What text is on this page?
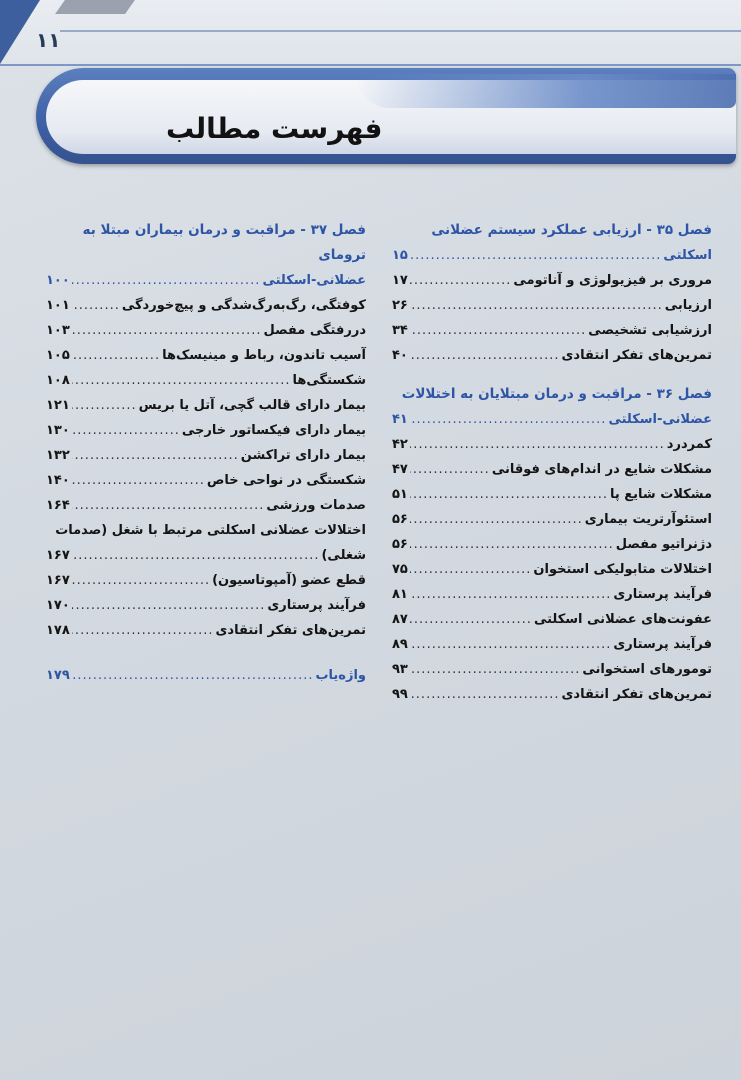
۱۱
فهرست مطالب
فصل ۳۵ - ارزیابی عملکرد سیستم عضلانی
اسکلتی
.....
۱۵
مروری بر فیزیولوژی و آناتومی
.....
۱۷
ارزیابی
.....
۲۶
ارزشیابی تشخیصی
.....
۳۴
تمرین‌های تفکر انتقادی
.....
۴۰
فصل ۳۶ - مراقبت و درمان مبتلایان به اختلالات
عضلانی-اسکلتی
.....
۴۱
کمردرد
.....
۴۲
مشکلات شایع در اندام‌های فوقانی
.....
۴۷
مشکلات شایع پا
.....
۵۱
استئوآرتریت بیماری
.....
۵۶
دژنراتیو مفصل
.....
۵۶
اختلالات متابولیکی استخوان
.....
۷۵
فرآیند پرستاری
.....
۸۱
عفونت‌های عضلانی اسکلتی
.....
۸۷
فرآیند پرستاری
.....
۸۹
تومورهای استخوانی
.....
۹۳
تمرین‌های تفکر انتقادی
.....
۹۹
فصل ۳۷ - مراقبت و درمان بیماران مبتلا به ترومای
عضلانی-اسکلتی
.....
۱۰۰
کوفتگی، رگ‌به‌رگ‌شدگی و پیچ‌خوردگی
.....
۱۰۱
دررفتگی مفصل
.....
۱۰۳
آسیب تاندون، رباط و مینیسک‌ها
.....
۱۰۵
شکستگی‌ها
.....
۱۰۸
بیمار دارای قالب گچی، آتل یا بریس
.....
۱۲۱
بیمار دارای فیکساتور خارجی
.....
۱۳۰
بیمار دارای تراکشن
.....
۱۳۲
شکستگی در نواحی خاص
.....
۱۴۰
صدمات ورزشی
.....
۱۶۴
اختلالات عضلانی اسکلتی مرتبط با شغل (صدمات
شغلی)
.....
۱۶۷
قطع عضو (آمپوتاسیون)
.....
۱۶۷
فرآیند پرستاری
.....
۱۷۰
تمرین‌های تفکر انتقادی
.....
۱۷۸
واژه‌یاب
.....
۱۷۹
